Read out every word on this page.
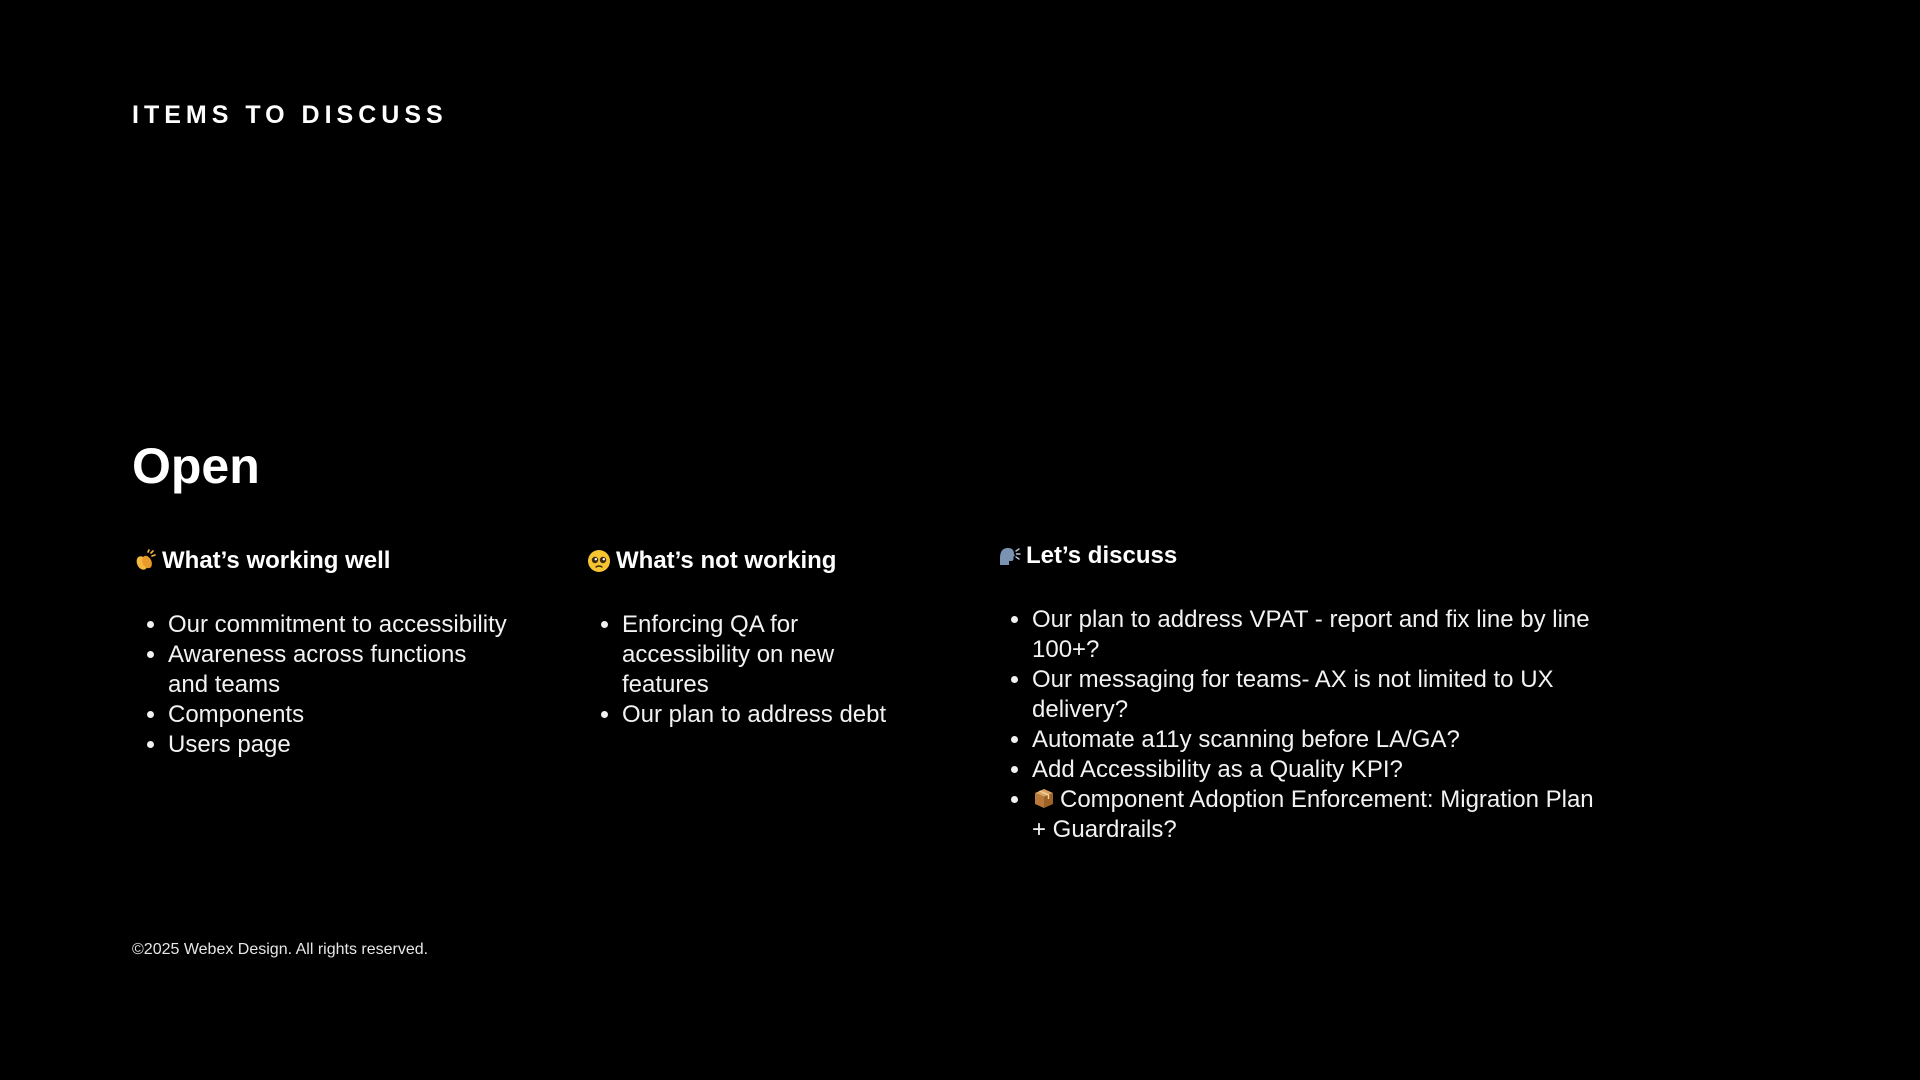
ITEMS TO DISCUSS
Open
What’s working well
• Our commitment to accessibility
• Awareness across functions and teams
• Components
• Users page
What’s not working
• Enforcing QA for accessibility on new features
• Our plan to address debt
Let’s discuss
• Our plan to address VPAT - report and fix line by line 100+?
• Our messaging for teams- AX is not limited to UX delivery?
• Automate a11y scanning before LA/GA?
• Add Accessibility as a Quality KPI?
• Component Adoption Enforcement: Migration Plan + Guardrails?

©2025 Webex Design. All rights reserved.
